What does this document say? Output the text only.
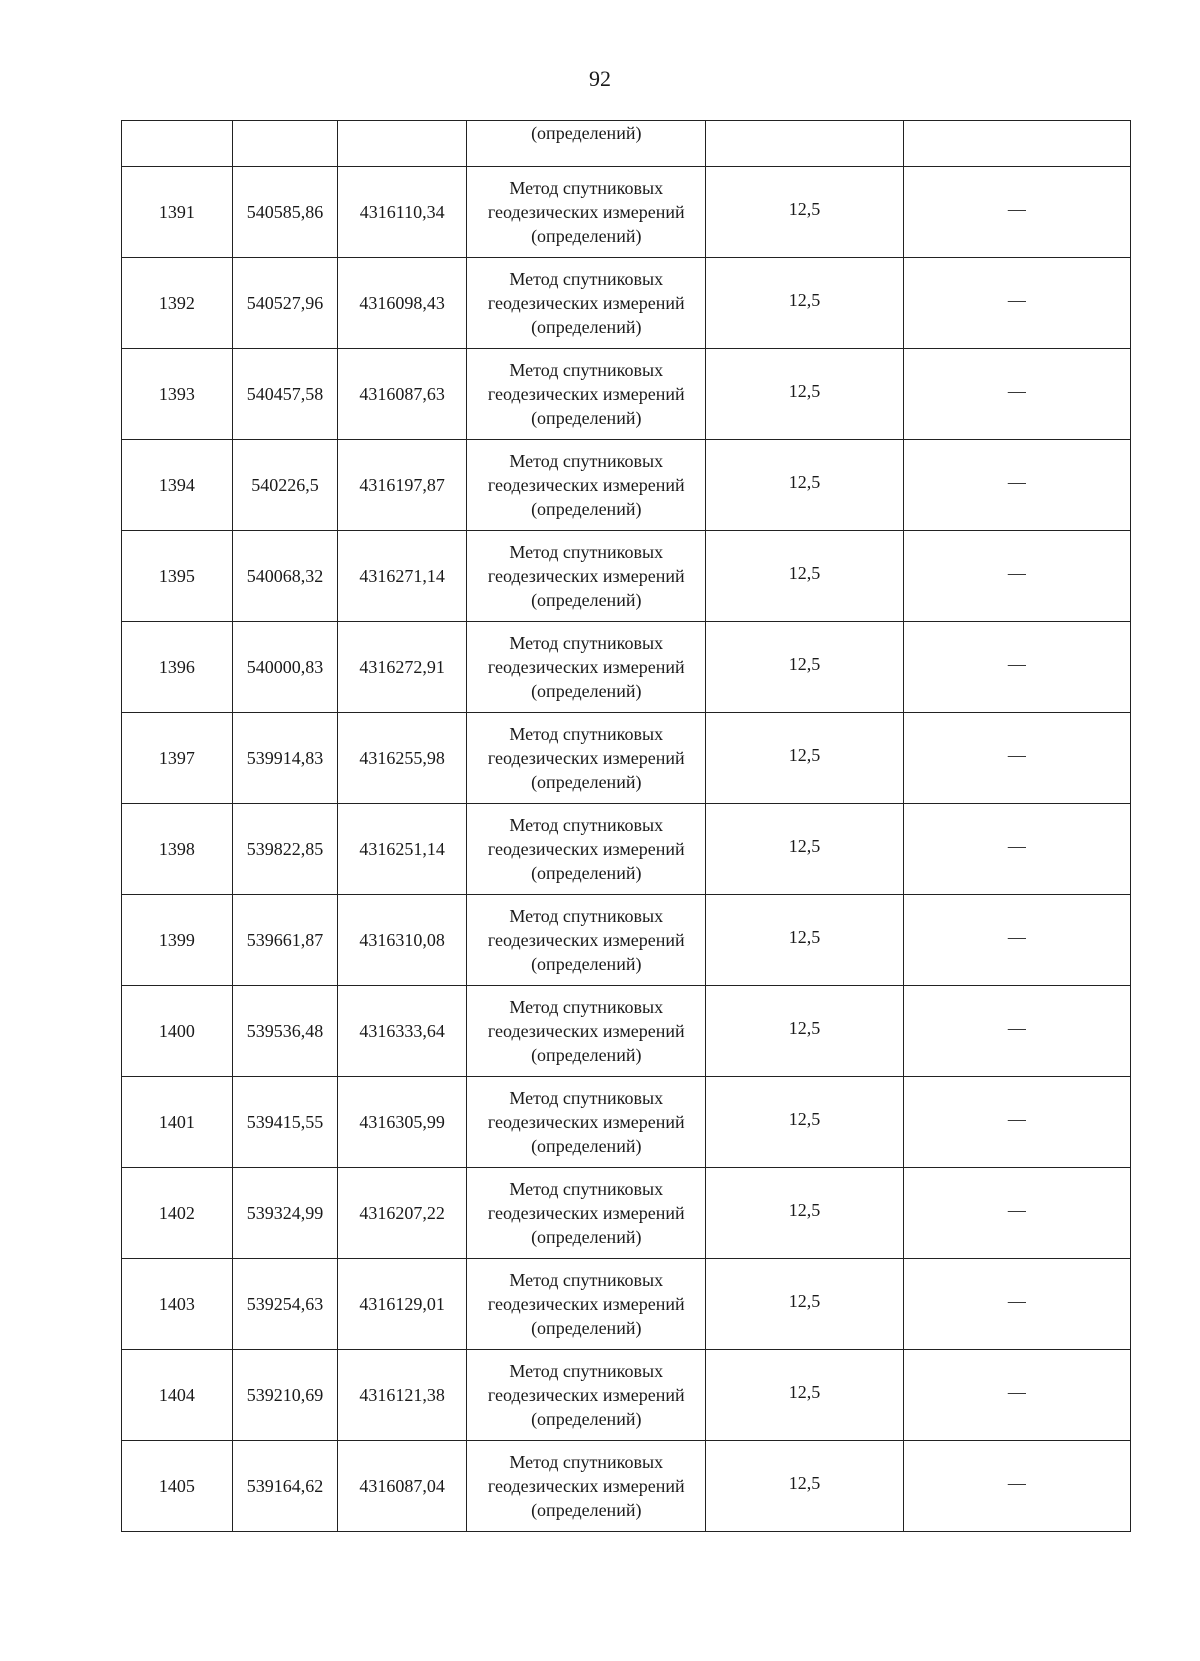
92
			(определений)		
1391	540585,86	4316110,34	Метод спутниковых
геодезических измерений
(определений)	12,5	—
1392	540527,96	4316098,43	Метод спутниковых
геодезических измерений
(определений)	12,5	—
1393	540457,58	4316087,63	Метод спутниковых
геодезических измерений
(определений)	12,5	—
1394	540226,5	4316197,87	Метод спутниковых
геодезических измерений
(определений)	12,5	—
1395	540068,32	4316271,14	Метод спутниковых
геодезических измерений
(определений)	12,5	—
1396	540000,83	4316272,91	Метод спутниковых
геодезических измерений
(определений)	12,5	—
1397	539914,83	4316255,98	Метод спутниковых
геодезических измерений
(определений)	12,5	—
1398	539822,85	4316251,14	Метод спутниковых
геодезических измерений
(определений)	12,5	—
1399	539661,87	4316310,08	Метод спутниковых
геодезических измерений
(определений)	12,5	—
1400	539536,48	4316333,64	Метод спутниковых
геодезических измерений
(определений)	12,5	—
1401	539415,55	4316305,99	Метод спутниковых
геодезических измерений
(определений)	12,5	—
1402	539324,99	4316207,22	Метод спутниковых
геодезических измерений
(определений)	12,5	—
1403	539254,63	4316129,01	Метод спутниковых
геодезических измерений
(определений)	12,5	—
1404	539210,69	4316121,38	Метод спутниковых
геодезических измерений
(определений)	12,5	—
1405	539164,62	4316087,04	Метод спутниковых
геодезических измерений
(определений)	12,5	—
